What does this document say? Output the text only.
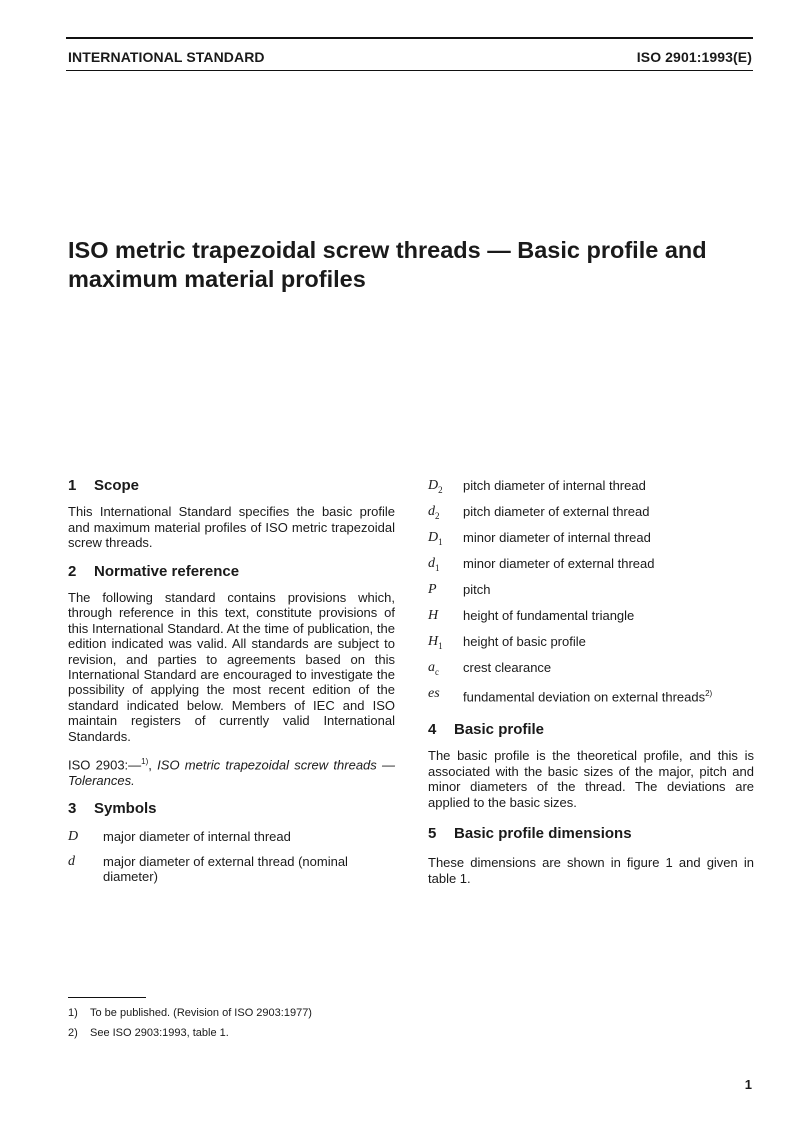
INTERNATIONAL STANDARD	ISO 2901:1993(E)
ISO metric trapezoidal screw threads — Basic profile and maximum material profiles
1	Scope

This International Standard specifies the basic profile and maximum material profiles of ISO metric trapezoidal screw threads.

2	Normative reference

The following standard contains provisions which, through reference in this text, constitute provisions of this International Standard. At the time of publication, the edition indicated was valid. All standards are subject to revision, and parties to agreements based on this International Standard are encouraged to investigate the possibility of applying the most recent edition of the standard indicated below. Members of IEC and ISO maintain registers of currently valid International Standards.

ISO 2903:—$^{1)}$, ISO metric trapezoidal screw threads — Tolerances.

3	Symbols
D	major diameter of internal thread
d	major diameter of external thread (nominal diameter)
$D_2$	pitch diameter of internal thread
$d_2$	pitch diameter of external thread
$D_1$	minor diameter of internal thread
$d_1$	minor diameter of external thread
P	pitch
H	height of fundamental triangle
$H_1$	height of basic profile
$a_c$	crest clearance
es	fundamental deviation on external threads$^{2)}$
4	Basic profile

The basic profile is the theoretical profile, and this is associated with the basic sizes of the major, pitch and minor diameters of the thread. The deviations are applied to the basic sizes.

5	Basic profile dimensions

These dimensions are shown in figure 1 and given in table 1.

1) To be published. (Revision of ISO 2903:1977)
2) See ISO 2903:1993, table 1.
1
